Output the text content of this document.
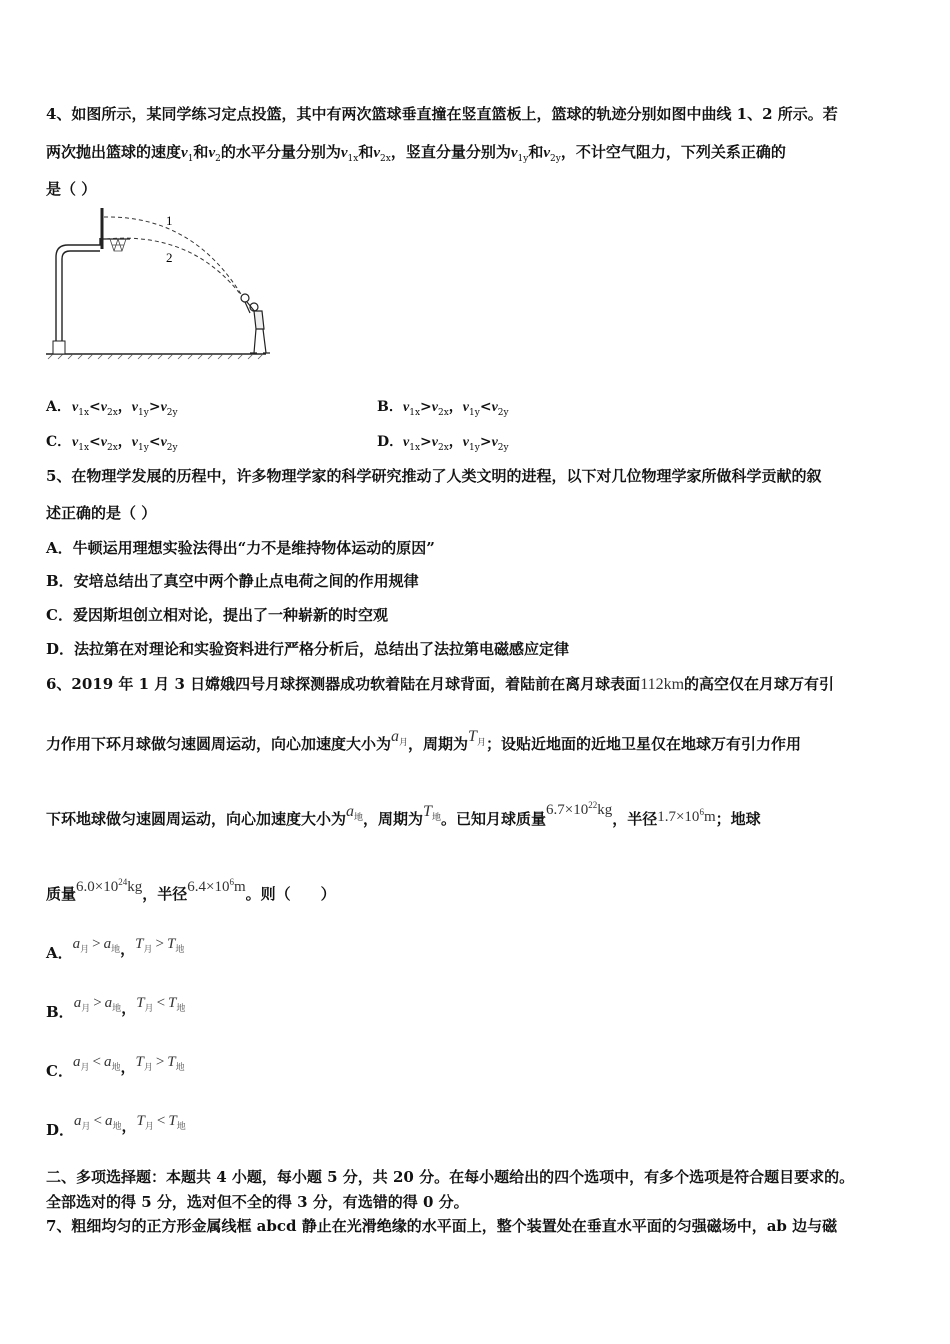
4、如图所示，某同学练习定点投篮，其中有两次篮球垂直撞在竖直篮板上，篮球的轨迹分别如图中曲线 1、2 所示。若
两次抛出篮球的速度$v_1$和$v_2$的水平分量分别为$v_{1x}$和$v_{2x}$，竖直分量分别为$v_{1y}$和$v_{2y}$，不计空气阻力，下列关系正确的
是（ ）
1
2
A．$v_{1x}<v_{2x}$，$v_{1y}>v_{2y}$	B．$v_{1x}>v_{2x}$，$v_{1y}<v_{2y}$
C．$v_{1x}<v_{2x}$，$v_{1y}<v_{2y}$	D．$v_{1x}>v_{2x}$，$v_{1y}>v_{2y}$
5、在物理学发展的历程中，许多物理学家的科学研究推动了人类文明的进程，以下对几位物理学家所做科学贡献的叙
述正确的是（ ）
A．牛顿运用理想实验法得出“力不是维持物体运动的原因”
B．安培总结出了真空中两个静止点电荷之间的作用规律
C．爱因斯坦创立相对论，提出了一种崭新的时空观
D．法拉第在对理论和实验资料进行严格分析后，总结出了法拉第电磁感应定律
6、2019 年 1 月 3 日嫦娥四号月球探测器成功软着陆在月球背面，着陆前在离月球表面112km的高空仅在月球万有引
力作用下环月球做匀速圆周运动，向心加速度大小为$a_月$，周期为$T_月$；设贴近地面的近地卫星仅在地球万有引力作用
下环地球做匀速圆周运动，向心加速度大小为$a_地$，周期为$T_地$。已知月球质量$6.7\times 10^{22}kg$，半径$1.7\times 10^6m$；地球
质量$6.0\times 10^{24}kg$，半径$6.4\times 10^6m$。则（　　）
A．$a_月 > a_地$，$T_月 > T_地$
B．$a_月 > a_地$，$T_月 < T_地$
C．$a_月 < a_地$，$T_月 > T_地$
D．$a_月 < a_地$，$T_月 < T_地$
二、多项选择题：本题共 4 小题，每小题 5 分，共 20 分。在每小题给出的四个选项中，有多个选项是符合题目要求的。
全部选对的得 5 分，选对但不全的得 3 分，有选错的得 0 分。
7、粗细均匀的正方形金属线框 abcd 静止在光滑绝缘的水平面上，整个装置处在垂直水平面的匀强磁场中，ab 边与磁
